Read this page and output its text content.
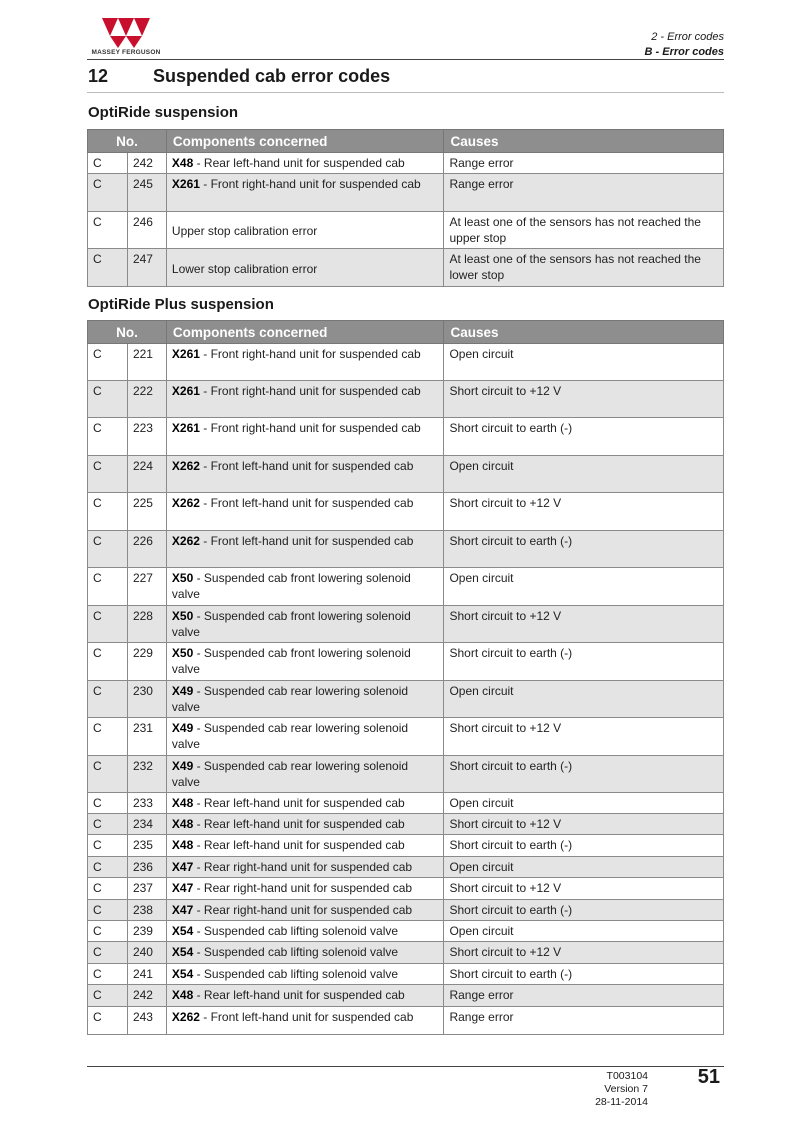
MASSEY FERGUSON
2 - Error codes
B - Error codes
12 Suspended cab error codes
OptiRide suspension
No.		Components concerned	Causes
C	242	X48 - Rear left-hand unit for suspended cab	Range error
C	245	X261 - Front right-hand unit for suspended cab	Range error
C	246	Upper stop calibration error	At least one of the sensors has not reached the upper stop
C	247	Lower stop calibration error	At least one of the sensors has not reached the lower stop
OptiRide Plus suspension
No.		Components concerned	Causes
C	221	X261 - Front right-hand unit for suspended cab	Open circuit
C	222	X261 - Front right-hand unit for suspended cab	Short circuit to +12 V
C	223	X261 - Front right-hand unit for suspended cab	Short circuit to earth (-)
C	224	X262 - Front left-hand unit for suspended cab	Open circuit
C	225	X262 - Front left-hand unit for suspended cab	Short circuit to +12 V
C	226	X262 - Front left-hand unit for suspended cab	Short circuit to earth (-)
C	227	X50 - Suspended cab front lowering solenoid valve	Open circuit
C	228	X50 - Suspended cab front lowering solenoid valve	Short circuit to +12 V
C	229	X50 - Suspended cab front lowering solenoid valve	Short circuit to earth (-)
C	230	X49 - Suspended cab rear lowering solenoid valve	Open circuit
C	231	X49 - Suspended cab rear lowering solenoid valve	Short circuit to +12 V
C	232	X49 - Suspended cab rear lowering solenoid valve	Short circuit to earth (-)
C	233	X48 - Rear left-hand unit for suspended cab	Open circuit
C	234	X48 - Rear left-hand unit for suspended cab	Short circuit to +12 V
C	235	X48 - Rear left-hand unit for suspended cab	Short circuit to earth (-)
C	236	X47 - Rear right-hand unit for suspended cab	Open circuit
C	237	X47 - Rear right-hand unit for suspended cab	Short circuit to +12 V
C	238	X47 - Rear right-hand unit for suspended cab	Short circuit to earth (-)
C	239	X54 - Suspended cab lifting solenoid valve	Open circuit
C	240	X54 - Suspended cab lifting solenoid valve	Short circuit to +12 V
C	241	X54 - Suspended cab lifting solenoid valve	Short circuit to earth (-)
C	242	X48 - Rear left-hand unit for suspended cab	Range error
C	243	X262 - Front left-hand unit for suspended cab	Range error
T003104
Version 7
28-11-2014
51
